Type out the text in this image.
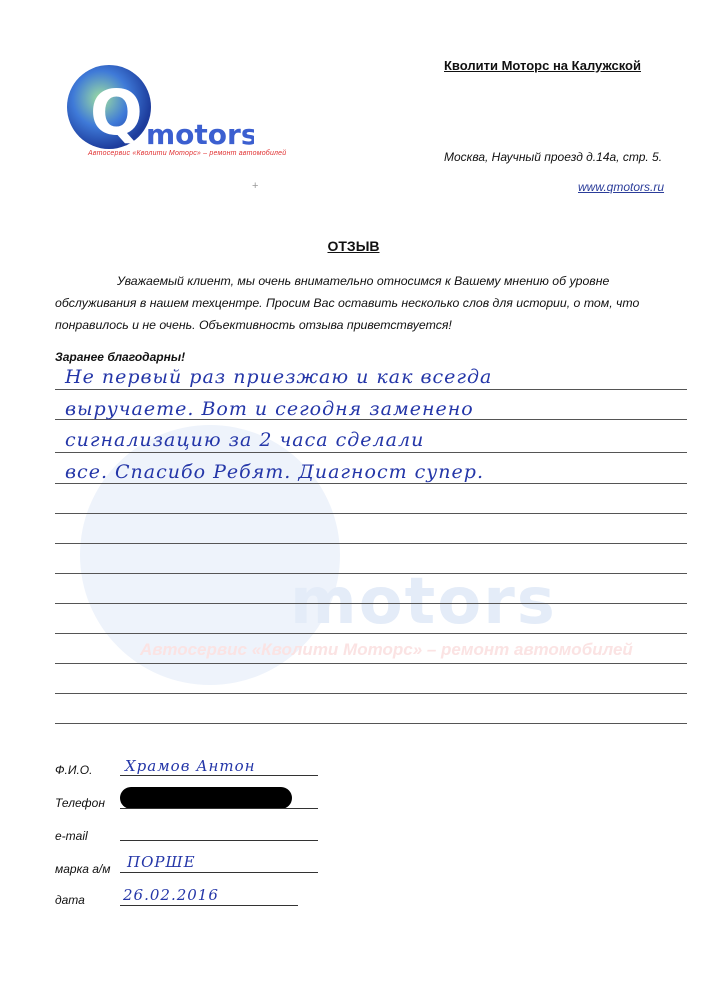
motors
Автосервис «Кволити Моторс» – ремонт автомобилей
Q motors
Автосервис «Кволити Моторс» – ремонт автомобилей
Кволити Моторс на Калужской
Москва, Научный проезд д.14а, стр. 5.
www.qmotors.ru
+
ОТЗЫВ
Уважаемый клиент, мы очень внимательно относимся к Вашему мнению об уровне обслуживания в нашем техцентре. Просим Вас оставить несколько слов для истории, о том, что понравилось и не очень. Объективность отзыва приветствуется!
Заранее благодарны!
Не первый раз приезжаю и как всегда
выручаете. Вот и сегодня заменено
сигнализацию за 2 часа сделали
все. Спасибо Ребят. Диагност супер.
Ф.И.О. Храмов Антон
Телефон
e-mail
марка а/м ПОРШЕ
дата	26.02.2016
